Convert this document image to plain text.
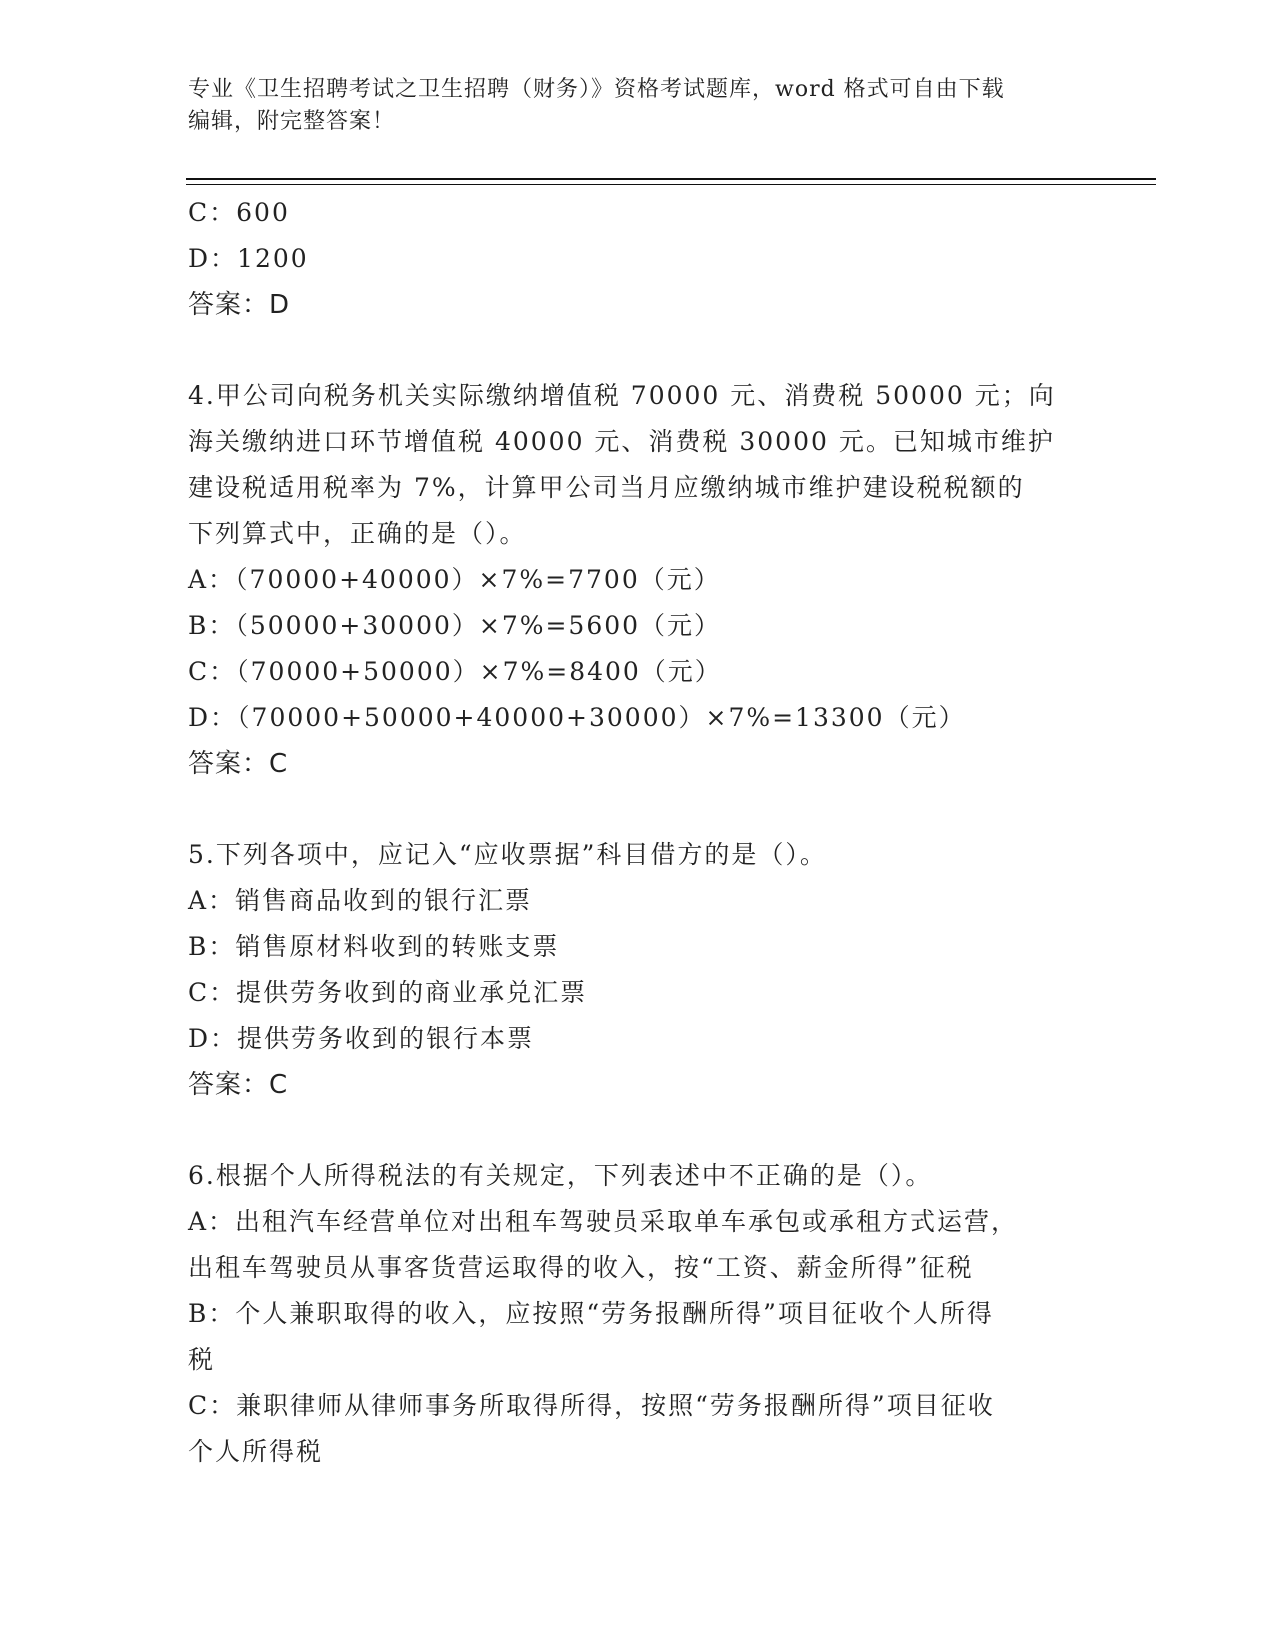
专业《卫生招聘考试之卫生招聘（财务）》资格考试题库，word 格式可自由下载
编辑，附完整答案！
C：600
D：1200
答案：D
4.甲公司向税务机关实际缴纳增值税 70000 元、消费税 50000 元；向
海关缴纳进口环节增值税 40000 元、消费税 30000 元。已知城市维护
建设税适用税率为 7%，计算甲公司当月应缴纳城市维护建设税税额的
下列算式中，正确的是（）。
A：（70000+40000）×7%=7700（元）
B：（50000+30000）×7%=5600（元）
C：（70000+50000）×7%=8400（元）
D：（70000+50000+40000+30000）×7%=13300（元）
答案：C
5.下列各项中，应记入“应收票据”科目借方的是（）。
A：销售商品收到的银行汇票
B：销售原材料收到的转账支票
C：提供劳务收到的商业承兑汇票
D：提供劳务收到的银行本票
答案：C
6.根据个人所得税法的有关规定，下列表述中不正确的是（）。
A：出租汽车经营单位对出租车驾驶员采取单车承包或承租方式运营，
出租车驾驶员从事客货营运取得的收入，按“工资、薪金所得”征税
B：个人兼职取得的收入，应按照“劳务报酬所得”项目征收个人所得
税
C：兼职律师从律师事务所取得所得，按照“劳务报酬所得”项目征收
个人所得税
